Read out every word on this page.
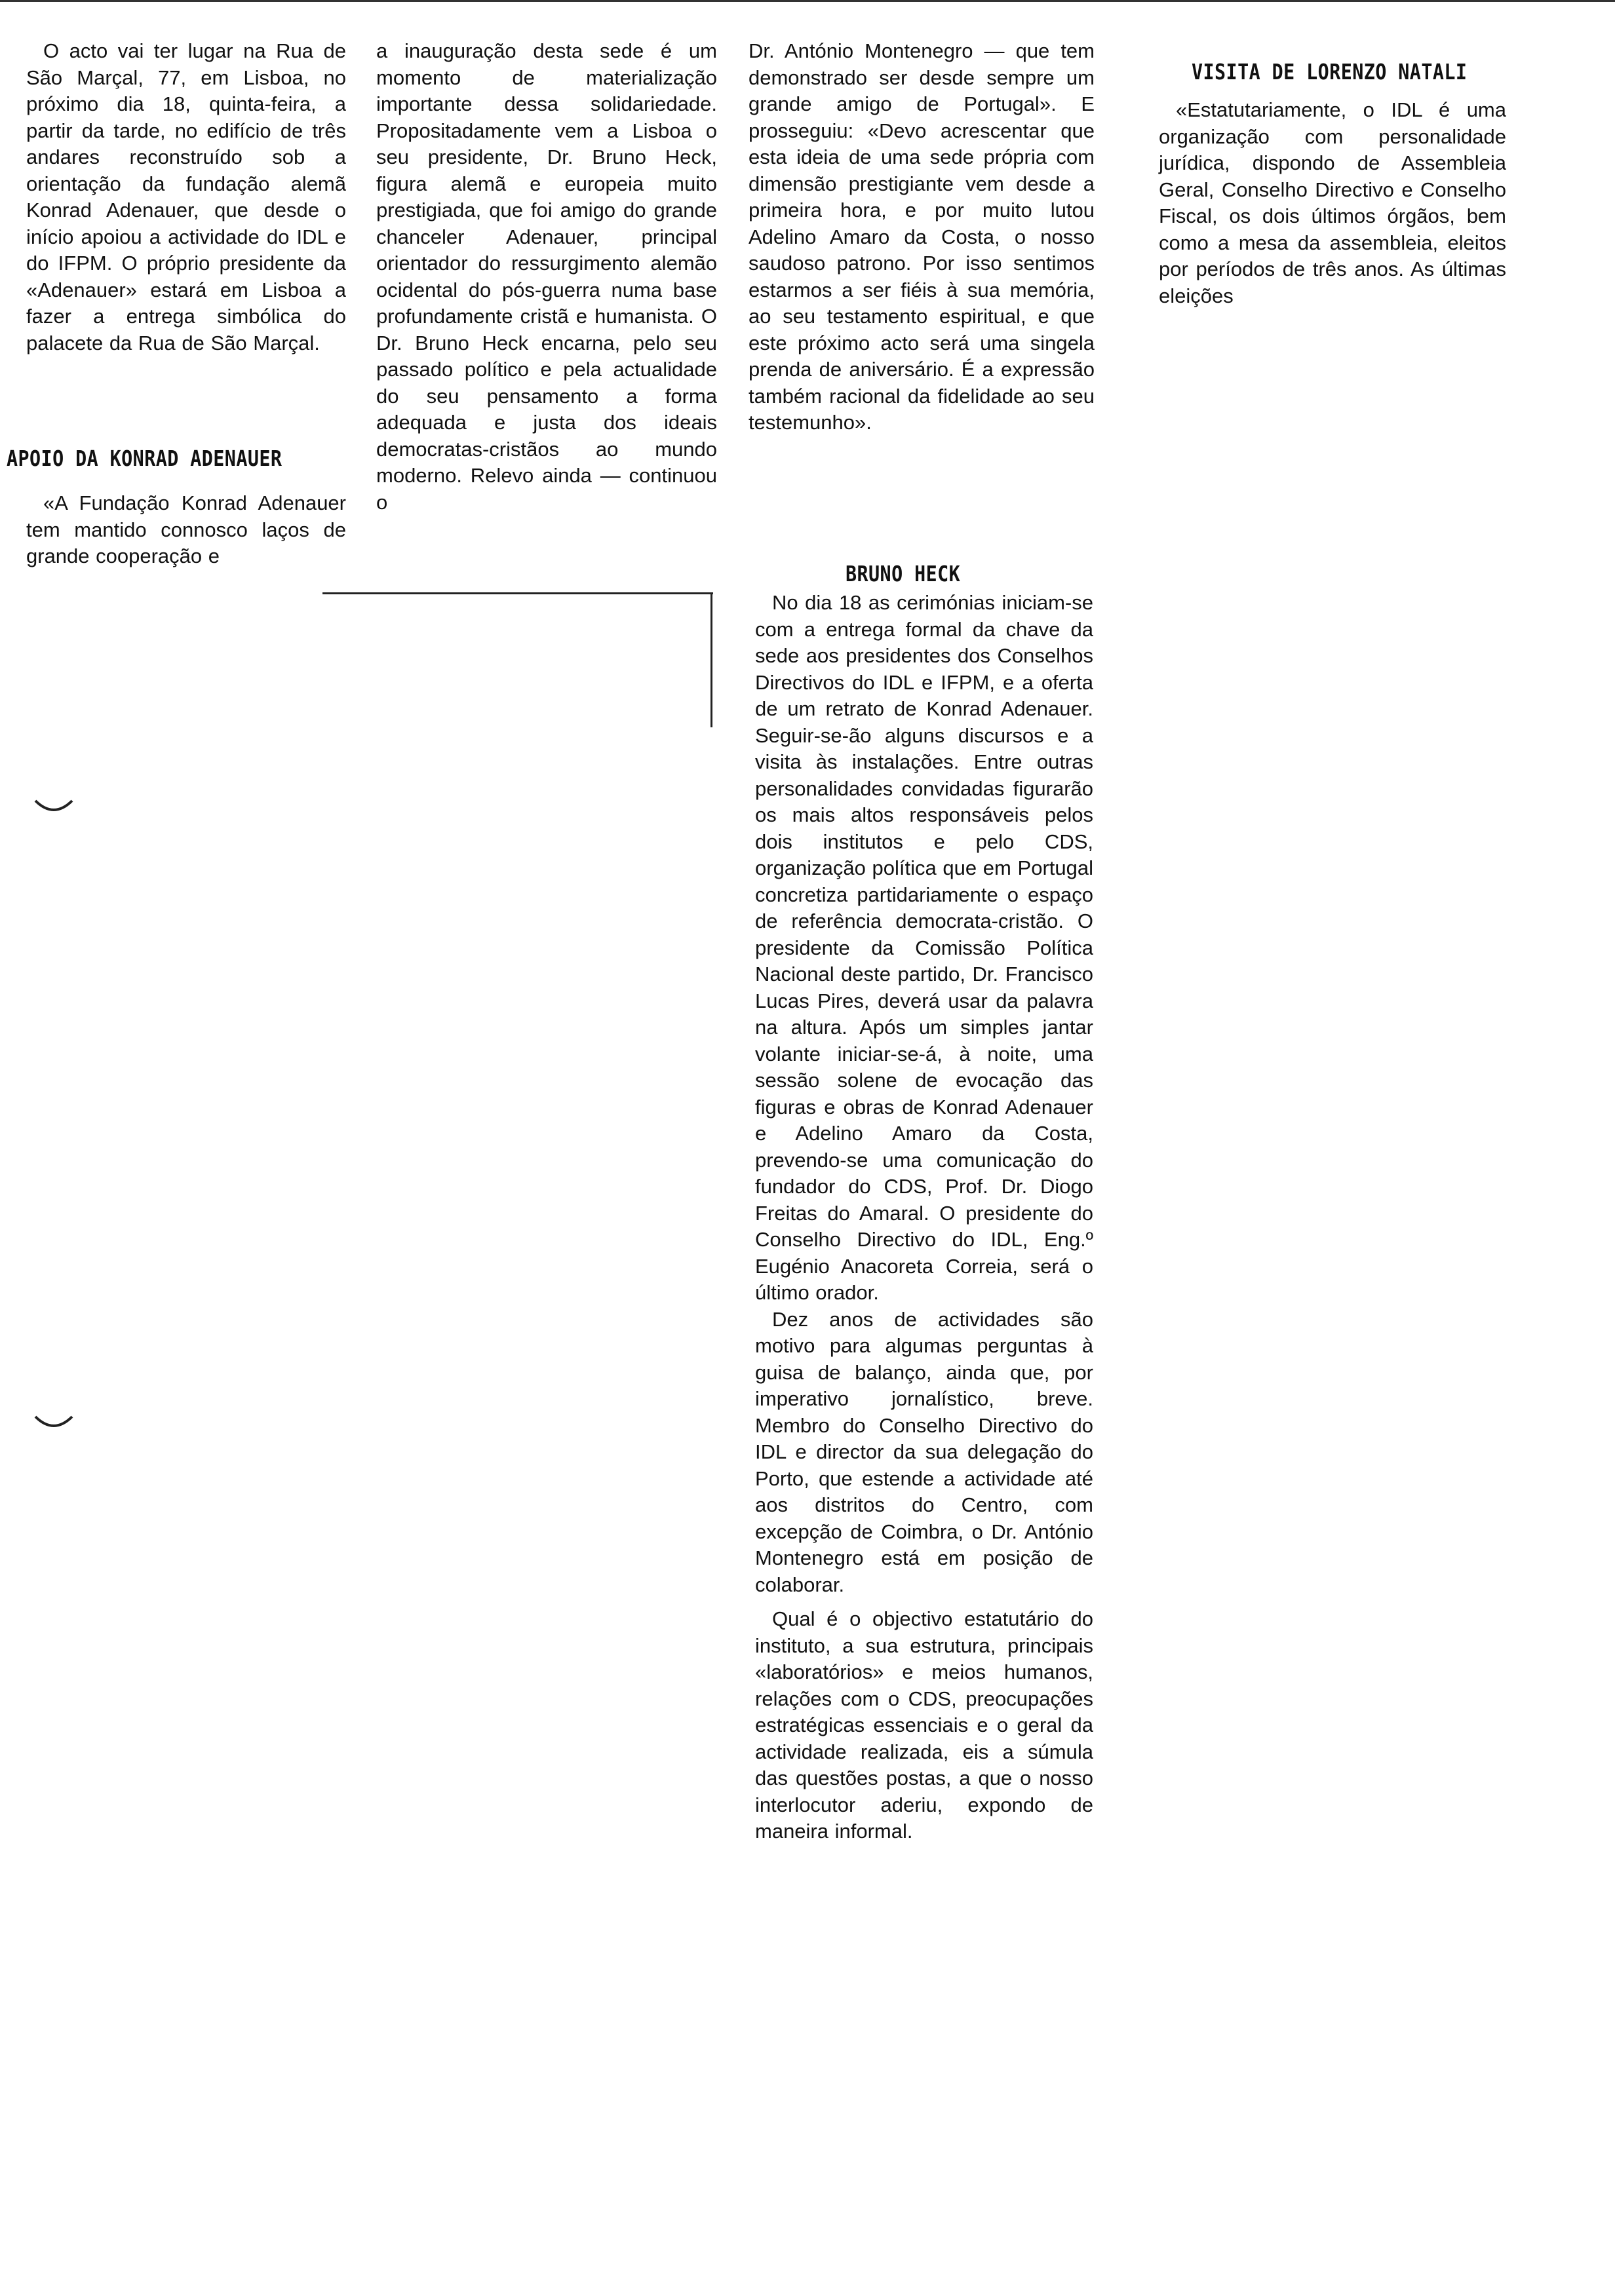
O acto vai ter lugar na Rua de São Marçal, 77, em Lisboa, no próximo dia 18, quinta-feira, a partir da tarde, no edifício de três andares reconstruído sob a orientação da fundação alemã Konrad Adenauer, que desde o início apoiou a actividade do IDL e do IFPM. O próprio presidente da «Adenauer» estará em Lisboa a fazer a entrega simbólica do palacete da Rua de São Marçal.

APOIO DA KONRAD ADENAUER

«A Fundação Konrad Adenauer tem mantido connosco laços de grande cooperação e

a inauguração desta sede é um momento de materialização importante dessa solidariedade. Propositadamente vem a Lisboa o seu presidente, Dr. Bruno Heck, figura alemã e europeia muito prestigiada, que foi amigo do grande chanceler Adenauer, principal orientador do ressurgimento alemão ocidental do pós-guerra numa base profundamente cristã e humanista. O Dr. Bruno Heck encarna, pelo seu passado político e pela actualidade do seu pensamento a forma adequada e justa dos ideais democratas-cristãos ao mundo moderno. Relevo ainda — continuou o

Dr. António Montenegro — que tem demonstrado ser desde sempre um grande amigo de Portugal». E prosseguiu: «Devo acrescentar que esta ideia de uma sede própria com dimensão prestigiante vem desde a primeira hora, e por muito lutou Adelino Amaro da Costa, o nosso saudoso patrono. Por isso sentimos estarmos a ser fiéis à sua memória, ao seu testamento espiritual, e que este próximo acto será uma singela prenda de aniversário. É a expressão também racional da fidelidade ao seu testemunho».

BRUNO HECK

No dia 18 as cerimónias iniciam-se com a entrega formal da chave da sede aos presidentes dos Conselhos Directivos do IDL e IFPM, e a oferta de um retrato de Konrad Adenauer. Seguir-se-ão alguns discursos e a visita às instalações. Entre outras personalidades convidadas figurarão os mais altos responsáveis pelos dois institutos e pelo CDS, organização política que em Portugal concretiza partidariamente o espaço de referência democrata-cristão. O presidente da Comissão Política Nacional deste partido, Dr. Francisco Lucas Pires, deverá usar da palavra na altura. Após um simples jantar volante iniciar-se-á, à noite, uma sessão solene de evocação das figuras e obras de Konrad Adenauer e Adelino Amaro da Costa, prevendo-se uma comunicação do fundador do CDS, Prof. Dr. Diogo Freitas do Amaral. O presidente do Conselho Directivo do IDL, Eng.º Eugénio Anacoreta Correia, será o último orador.

Dez anos de actividades são motivo para algumas perguntas à guisa de balanço, ainda que, por imperativo jornalístico, breve. Membro do Conselho Directivo do IDL e director da sua delegação do Porto, que estende a actividade até aos distritos do Centro, com excepção de Coimbra, o Dr. António Montenegro está em posição de colaborar.

Qual é o objectivo estatutário do instituto, a sua estrutura, principais «laboratórios» e meios humanos, relações com o CDS, preocupações estratégicas essenciais e o geral da actividade realizada, eis a súmula das questões postas, a que o nosso interlocutor aderiu, expondo de maneira informal.

VISITA DE LORENZO NATALI

«Estatutariamente, o IDL é uma organização com personalidade jurídica, dispondo de Assembleia Geral, Conselho Directivo e Conselho Fiscal, os dois últimos órgãos, bem como a mesa da assembleia, eleitos por períodos de três anos. As últimas eleições
